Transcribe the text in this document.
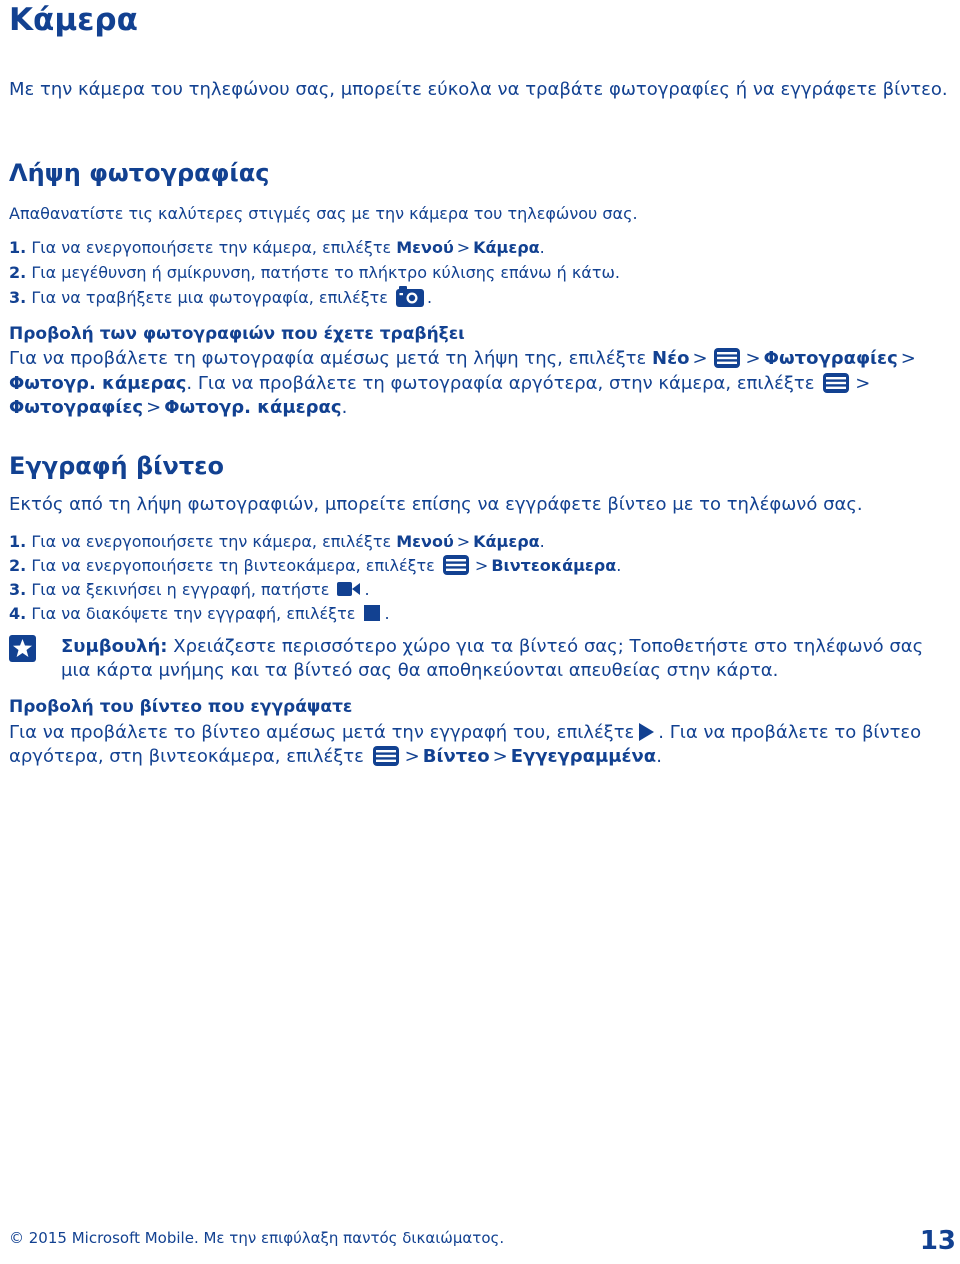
Κάμερα
Με την κάμερα του τηλεφώνου σας, μπορείτε εύκολα να τραβάτε φωτογραφίες ή να εγγράφετε βίντεο.
Λήψη φωτογραφίας
Απαθανατίστε τις καλύτερες στιγμές σας με την κάμερα του τηλεφώνου σας.
1. Για να ενεργοποιήσετε την κάμερα, επιλέξτε Μενού > Κάμερα.
2. Για μεγέθυνση ή σμίκρυνση, πατήστε το πλήκτρο κύλισης επάνω ή κάτω.
3. Για να τραβήξετε μια φωτογραφία, επιλέξτε .
Προβολή των φωτογραφιών που έχετε τραβήξει
Για να προβάλετε τη φωτογραφία αμέσως μετά τη λήψη της, επιλέξτε Νέο > > Φωτογραφίες >
Φωτογρ. κάμερας. Για να προβάλετε τη φωτογραφία αργότερα, στην κάμερα, επιλέξτε >
Φωτογραφίες > Φωτογρ. κάμερας.
Εγγραφή βίντεο
Εκτός από τη λήψη φωτογραφιών, μπορείτε επίσης να εγγράφετε βίντεο με το τηλέφωνό σας.
1. Για να ενεργοποιήσετε την κάμερα, επιλέξτε Μενού > Κάμερα.
2. Για να ενεργοποιήσετε τη βιντεοκάμερα, επιλέξτε	> Βιντεοκάμερα.
3. Για να ξεκινήσει η εγγραφή, πατήστε .
4. Για να διακόψετε την εγγραφή, επιλέξτε .
Συμβουλή: Χρειάζεστε περισσότερο χώρο για τα βίντεό σας; Τοποθετήστε στο τηλέφωνό σας μια κάρτα μνήμης και τα βίντεό σας θα αποθηκεύονται απευθείας στην κάρτα.
Προβολή του βίντεο που εγγράψατε
Για να προβάλετε το βίντεο αμέσως μετά την εγγραφή του, επιλέξτε . Για να προβάλετε το βίντεο
αργότερα, στη βιντεοκάμερα, επιλέξτε > Βίντεο > Εγγεγραμμένα.
© 2015 Microsoft Mobile. Με την επιφύλαξη παντός δικαιώματος.	13
